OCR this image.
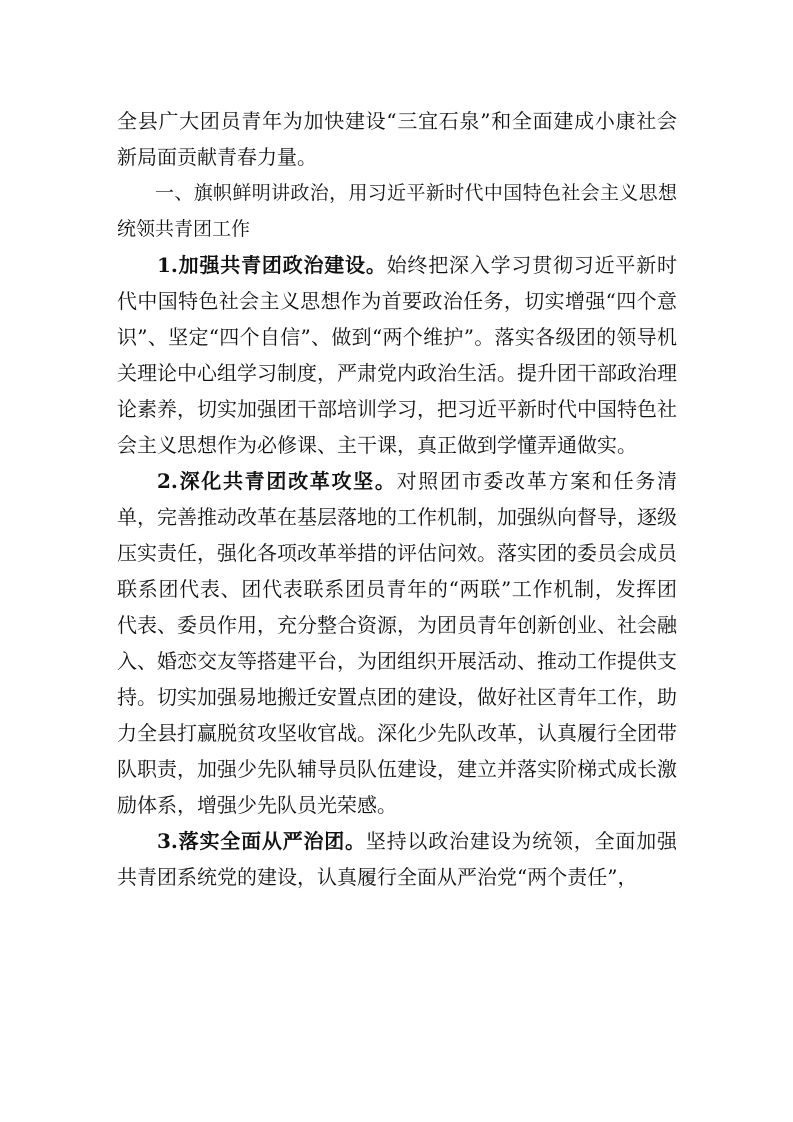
全县广大团员青年为加快建设“三宜石泉”和全面建成小康社会新局面贡献青春力量。

一、旗帜鲜明讲政治，用习近平新时代中国特色社会主义思想统领共青团工作

1.加强共青团政治建设。始终把深入学习贯彻习近平新时代中国特色社会主义思想作为首要政治任务，切实增强“四个意识”、坚定“四个自信”、做到“两个维护”。落实各级团的领导机关理论中心组学习制度，严肃党内政治生活。提升团干部政治理论素养，切实加强团干部培训学习，把习近平新时代中国特色社会主义思想作为必修课、主干课，真正做到学懂弄通做实。

2.深化共青团改革攻坚。对照团市委改革方案和任务清单，完善推动改革在基层落地的工作机制，加强纵向督导，逐级压实责任，强化各项改革举措的评估问效。落实团的委员会成员联系团代表、团代表联系团员青年的“两联”工作机制，发挥团代表、委员作用，充分整合资源，为团员青年创新创业、社会融入、婚恋交友等搭建平台，为团组织开展活动、推动工作提供支持。切实加强易地搬迁安置点团的建设，做好社区青年工作，助力全县打赢脱贫攻坚收官战。深化少先队改革，认真履行全团带队职责，加强少先队辅导员队伍建设，建立并落实阶梯式成长激励体系，增强少先队员光荣感。

3.落实全面从严治团。坚持以政治建设为统领，全面加强共青团系统党的建设，认真履行全面从严治党“两个责任”，
